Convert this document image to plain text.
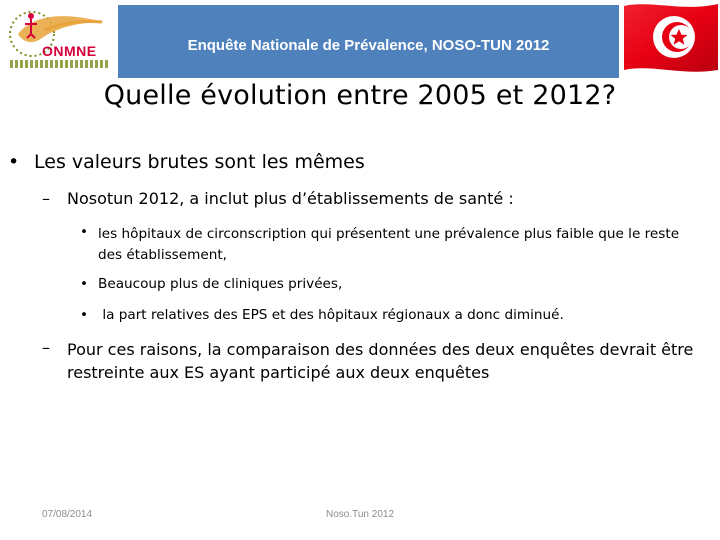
ONMNE	Enquête Nationale de Prévalence, NOSO-TUN 2012
Quelle évolution entre 2005 et 2012?
• Les valeurs brutes sont les mêmes
– Nosotun 2012, a inclut plus d’établissements de santé :
• les hôpitaux de circonscription qui présentent une prévalence plus faible que le reste des établissement,
• Beaucoup plus de cliniques privées,
• la part relatives des EPS et des hôpitaux régionaux a donc diminué.
– Pour ces raisons, la comparaison des données des deux enquêtes devrait être restreinte aux ES ayant participé aux deux enquêtes
07/08/2014	Noso.Tun 2012
